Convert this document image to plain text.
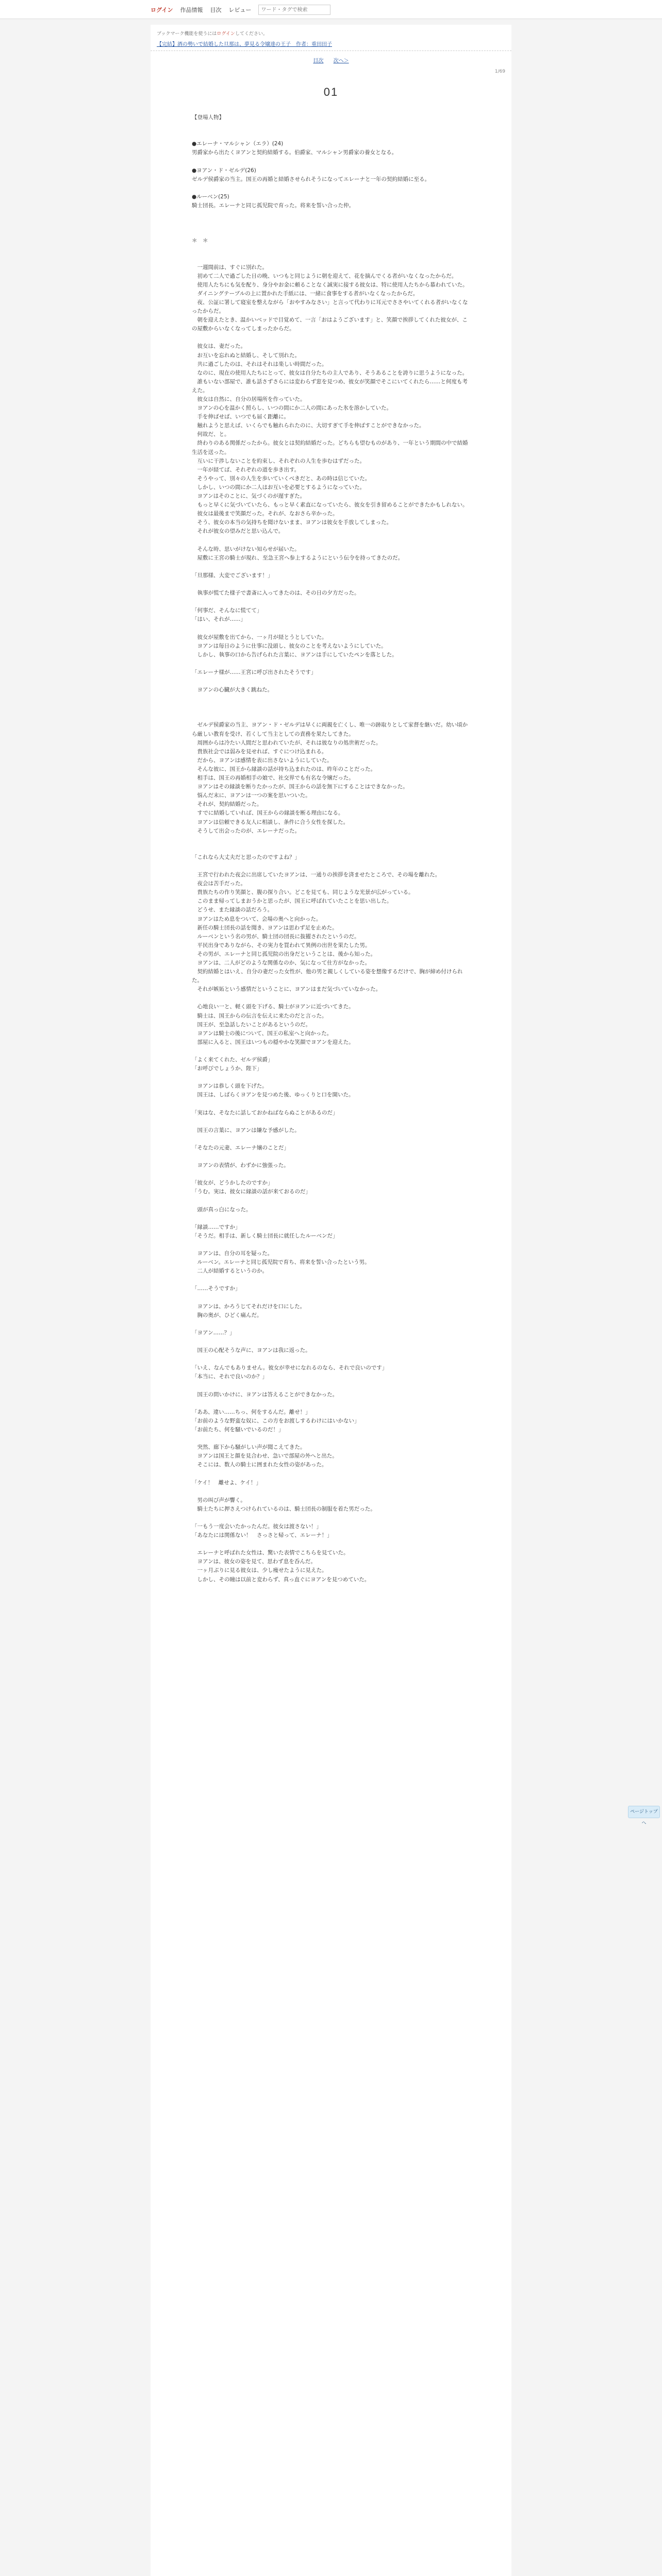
ログイン 作品情報 目次 レビュー
ワード・タグで検索
ブックマーク機能を使うにはログインしてください。
【完結】酒の勢いで結婚した旦那は、夢見る令嬢達の王子　作者：重田田子
目次 次へ＞
1/69
01

【登場人物】

●エレーナ・マルシャン（エラ）(24)

男爵家から出たくヨアンと契約結婚する。伯爵家、マルシャン男爵家の養女となる。

●ヨアン・ド・ゼルデ(26)

ゼルデ侯爵家の当主。国王の再婚と結婚させられそうになってエレーナと一年の契約結婚に至る。

●ルーベン(25)

騎士団長。エレーナと同じ孤児院で育った。将来を誓い合った仲。

＊　＊

　一週間前は、すぐに別れた。

　初めて二人で過ごした日の晩、いつもと同じように朝を迎えて、花を摘んでくる者がいなくなったからだ。

　使用人たちにも気を配り、身分やお金に頼ることなく誠実に接する彼女は、特に使用人たちから慕われていた。

　ダイニングテーブルの上に置かれた手紙には、一緒に食事をする者がいなくなったからだ。

　夜、公証に署して寝室を整えながら「おやすみなさい」と言って代わりに耳元でささやいてくれる者がいなくなったからだ。

　朝を迎えたとき、温かいベッドで目覚めて、一言「おはようございます」と、笑顔で挨拶してくれた彼女が、この屋敷からいなくなってしまったからだ。

　彼女は、妻だった。

　お互いを忘れぬと結婚し、そして別れた。

　共に過ごしたのは、それはそれは楽しい時間だった。

　なのに、現在の使用人たちにとって、彼女は自分たちの主人であり、そうあることを誇りに思うようになった。

　誰もいない部屋で、誰も話さずさらには変わらず窓を見つめ、彼女が笑顔でそこにいてくれたら……と何度も考えた。

　彼女は自然に、自分の居場所を作っていた。

　ヨアンの心を温かく照らし、いつの間にか二人の間にあった氷を溶かしていた。

　手を伸ばせば、いつでも届く距離に。

　触れようと思えば、いくらでも触れられたのに、大切すぎて手を伸ばすことができなかった。

　何故だ、と。

　終わりのある関係だったから。彼女とは契約結婚だった。どちらも望むものがあり、一年という期間の中で結婚生活を送った。

　互いに干渉しないことを約束し、それぞれの人生を歩むはずだった。

　一年が経てば、それぞれの道を歩き出す。

　そうやって、別々の人生を歩いていくべきだと、あの時は信じていた。

　しかし、いつの間にか二人はお互いを必要とするようになっていた。

　ヨアンはそのことに、気づくのが遅すぎた。

　もっと早くに気づいていたら、もっと早く素直になっていたら、彼女を引き留めることができたかもしれない。

　彼女は最後まで笑顔だった。それが、なおさら辛かった。

　そう、彼女の本当の気持ちを聞けないまま、ヨアンは彼女を手放してしまった。

　それが彼女の望みだと思い込んで。

　そんな時、思いがけない知らせが届いた。

　屋敷に王宮の騎士が現れ、至急王宮へ参上するようにという伝令を持ってきたのだ。

「旦那様、大変でございます！」

　執事が慌てた様子で書斎に入ってきたのは、その日の夕方だった。

「何事だ、そんなに慌てて」

「はい、それが……」

　彼女が屋敷を出てから、一ヶ月が経とうとしていた。

　ヨアンは毎日のように仕事に没頭し、彼女のことを考えないようにしていた。

　しかし、執事の口から告げられた言葉に、ヨアンは手にしていたペンを落とした。

「エレーナ様が……王宮に呼び出されたそうです」

　ヨアンの心臓が大きく跳ねた。

　ゼルデ侯爵家の当主、ヨアン・ド・ゼルデは早くに両親を亡くし、唯一の跡取りとして家督を継いだ。幼い頃から厳しい教育を受け、若くして当主としての責務を果たしてきた。

　周囲からは冷たい人間だと思われていたが、それは彼なりの処世術だった。

　貴族社会では弱みを見せれば、すぐにつけ込まれる。

　だから、ヨアンは感情を表に出さないようにしていた。

　そんな彼に、国王から縁談の話が持ち込まれたのは、昨年のことだった。

　相手は、国王の再婚相手の娘で、社交界でも有名な令嬢だった。

　ヨアンはその縁談を断りたかったが、国王からの話を無下にすることはできなかった。

　悩んだ末に、ヨアンは一つの案を思いついた。

　それが、契約結婚だった。

　すでに結婚していれば、国王からの縁談を断る理由になる。

　ヨアンは信頼できる友人に相談し、条件に合う女性を探した。

　そうして出会ったのが、エレーナだった。

「これなら大丈夫だと思ったのですよね？」

　王宮で行われた夜会に出席していたヨアンは、一通りの挨拶を済ませたところで、その場を離れた。

　夜会は苦手だった。

　貴族たちの作り笑顔と、腹の探り合い。どこを見ても、同じような光景が広がっている。

　このまま帰ってしまおうかと思ったが、国王に呼ばれていたことを思い出した。

　どうせ、また縁談の話だろう。

　ヨアンはため息をついて、会場の奥へと向かった。

　新任の騎士団長の話を聞き、ヨアンは思わず足を止めた。

　ルーベンという名の男が、騎士団の団長に抜擢されたというのだ。

　平民出身でありながら、その実力を買われて異例の出世を果たした男。

　その男が、エレーナと同じ孤児院の出身だということは、後から知った。

　ヨアンは、二人がどのような関係なのか、気になって仕方がなかった。

　契約結婚とはいえ、自分の妻だった女性が、他の男と親しくしている姿を想像するだけで、胸が締め付けられた。

　それが嫉妬という感情だということに、ヨアンはまだ気づいていなかった。

　心地良い一と、軽く頭を下げる、騎士がヨアンに近づいてきた。

　騎士は、国王からの伝言を伝えに来たのだと言った。

　国王が、至急話したいことがあるというのだ。

　ヨアンは騎士の後について、国王の私室へと向かった。

　部屋に入ると、国王はいつもの穏やかな笑顔でヨアンを迎えた。

「よく来てくれた、ゼルデ侯爵」

「お呼びでしょうか、陛下」

　ヨアンは恭しく頭を下げた。

　国王は、しばらくヨアンを見つめた後、ゆっくりと口を開いた。

「実はな、そなたに話しておかねばならぬことがあるのだ」

　国王の言葉に、ヨアンは嫌な予感がした。

「そなたの元妻、エレーナ嬢のことだ」

　ヨアンの表情が、わずかに強張った。

「彼女が、どうかしたのですか」

「うむ。実は、彼女に縁談の話が来ておるのだ」

　頭が真っ白になった。

「縁談……ですか」

「そうだ。相手は、新しく騎士団長に就任したルーベンだ」

　ヨアンは、自分の耳を疑った。

　ルーベン。エレーナと同じ孤児院で育ち、将来を誓い合ったという男。

　二人が結婚するというのか。

「……そうですか」

　ヨアンは、かろうじてそれだけを口にした。

　胸の奥が、ひどく痛んだ。

「ヨアン……？」

　国王の心配そうな声に、ヨアンは我に返った。

「いえ、なんでもありません。彼女が幸せになれるのなら、それで良いのです」

「本当に、それで良いのか？」

　国王の問いかけに、ヨアンは答えることができなかった。

「ああ、違い……ちっ、何をするんだ。離せ！」

「お前のような野蛮な奴に、この方をお渡しするわけにはいかない」

「お前たち、何を騒いでいるのだ！」

　突然、廊下から騒がしい声が聞こえてきた。

　ヨアンは国王と顔を見合わせ、急いで部屋の外へと出た。

　そこには、数人の騎士に囲まれた女性の姿があった。

「ケイ！　離せよ、ケイ！」

　男の叫び声が響く。

　騎士たちに押さえつけられているのは、騎士団長の制服を着た男だった。

「一もう一度会いたかったんだ。彼女は渡さない！」

「あなたには関係ない！　さっさと帰って、エレーナ！」

　エレーナと呼ばれた女性は、驚いた表情でこちらを見ていた。

　ヨアンは、彼女の姿を見て、思わず息を呑んだ。

　一ヶ月ぶりに見る彼女は、少し痩せたように見えた。

　しかし、その瞳は以前と変わらず、真っ直ぐにヨアンを見つめていた。

ページトップへ
